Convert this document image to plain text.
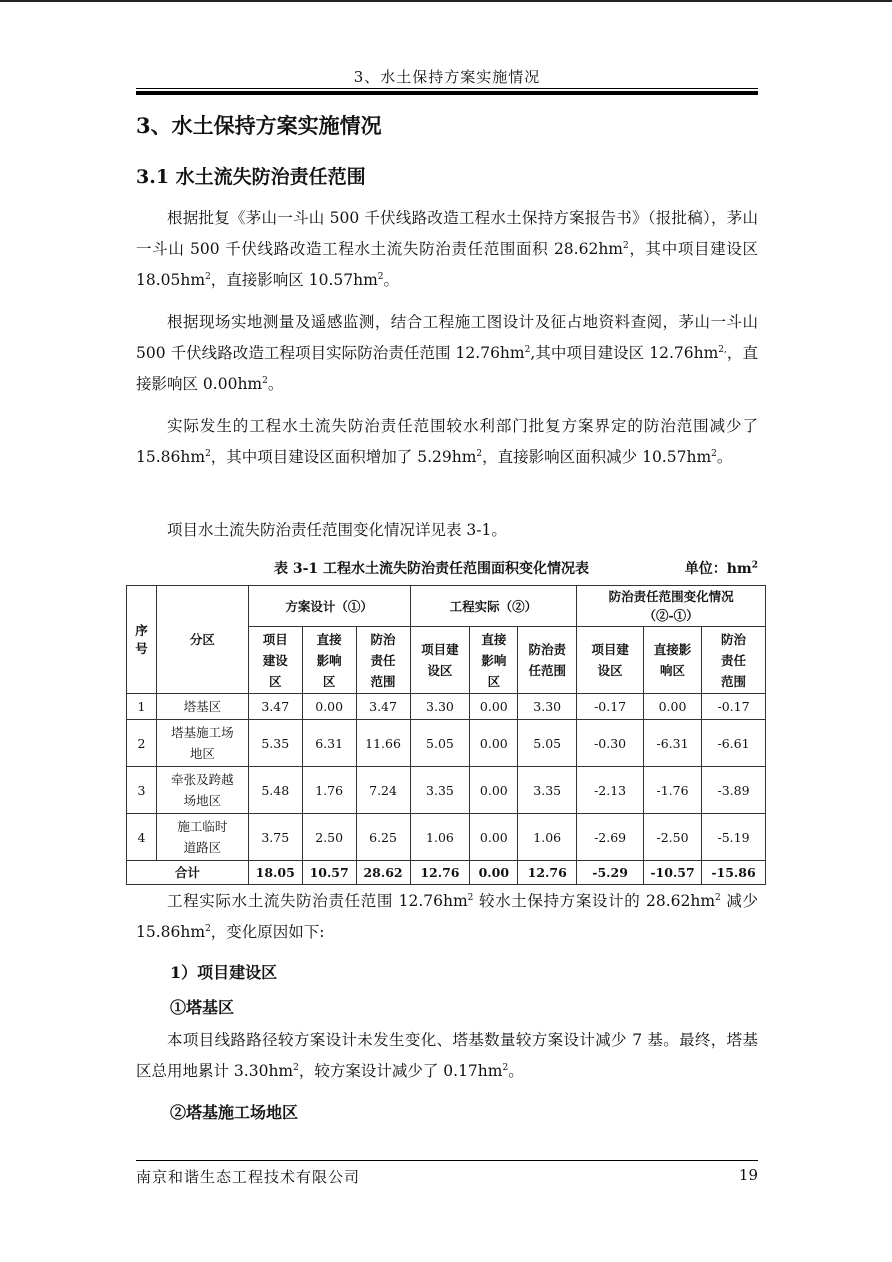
3、水土保持方案实施情况
3、水土保持方案实施情况
3.1 水土流失防治责任范围

根据批复《茅山一斗山 500 千伏线路改造工程水土保持方案报告书》（报批稿），茅山一斗山 500 千伏线路改造工程水土流失防治责任范围面积 $28.62hm^2$，其中项目建设区 $18.05hm^2$，直接影响区 $10.57hm^2$。

根据现场实地测量及遥感监测，结合工程施工图设计及征占地资料查阅，茅山一斗山 500 千伏线路改造工程项目实际防治责任范围 $12.76hm^2$,其中项目建设区 $12.76hm^{2,}$，直接影响区 $0.00hm^2$。

实际发生的工程水土流失防治责任范围较水利部门批复方案界定的防治范围减少了 $15.86hm^2$，其中项目建设区面积增加了 $5.29hm^2$，直接影响区面积减少 $10.57hm^2$。

项目水土流失防治责任范围变化情况详见表 3-1。

表 3-1 工程水土流失防治责任范围面积变化情况表	单位：$hm^2$
序号	分区	方案设计（①）			工程实际（②）			防治责任范围变化情况（②-①）		

		项目建设区	直接影响区	防治责任范围	项目建设区	直接影响区	防治责任范围	项目建设区	直接影响区	防治责任范围

1	塔基区	3.47	0.00	3.47	3.30	0.00	3.30	-0.17	0.00	-0.17
2	塔基施工场地区	5.35	6.31	11.66	5.05	0.00	5.05	-0.30	-6.31	-6.61
3	牵张及跨越场地区	5.48	1.76	7.24	3.35	0.00	3.35	-2.13	-1.76	-3.89
4	施工临时道路区	3.75	2.50	6.25	1.06	0.00	1.06	-2.69	-2.50	-5.19
合计		18.05	10.57	28.62	12.76	0.00	12.76	-5.29	-10.57	-15.86

工程实际水土流失防治责任范围 $12.76hm^2$ 较水土保持方案设计的 $28.62hm^2$ 减少 $15.86hm^2$，变化原因如下:

1）项目建设区
①塔基区

本项目线路路径较方案设计未发生变化、塔基数量较方案设计减少 7 基。最终，塔基区总用地累计 $3.30hm^2$，较方案设计减少了 $0.17hm^2$。

②塔基施工场地区
南京和谐生态工程技术有限公司	19
